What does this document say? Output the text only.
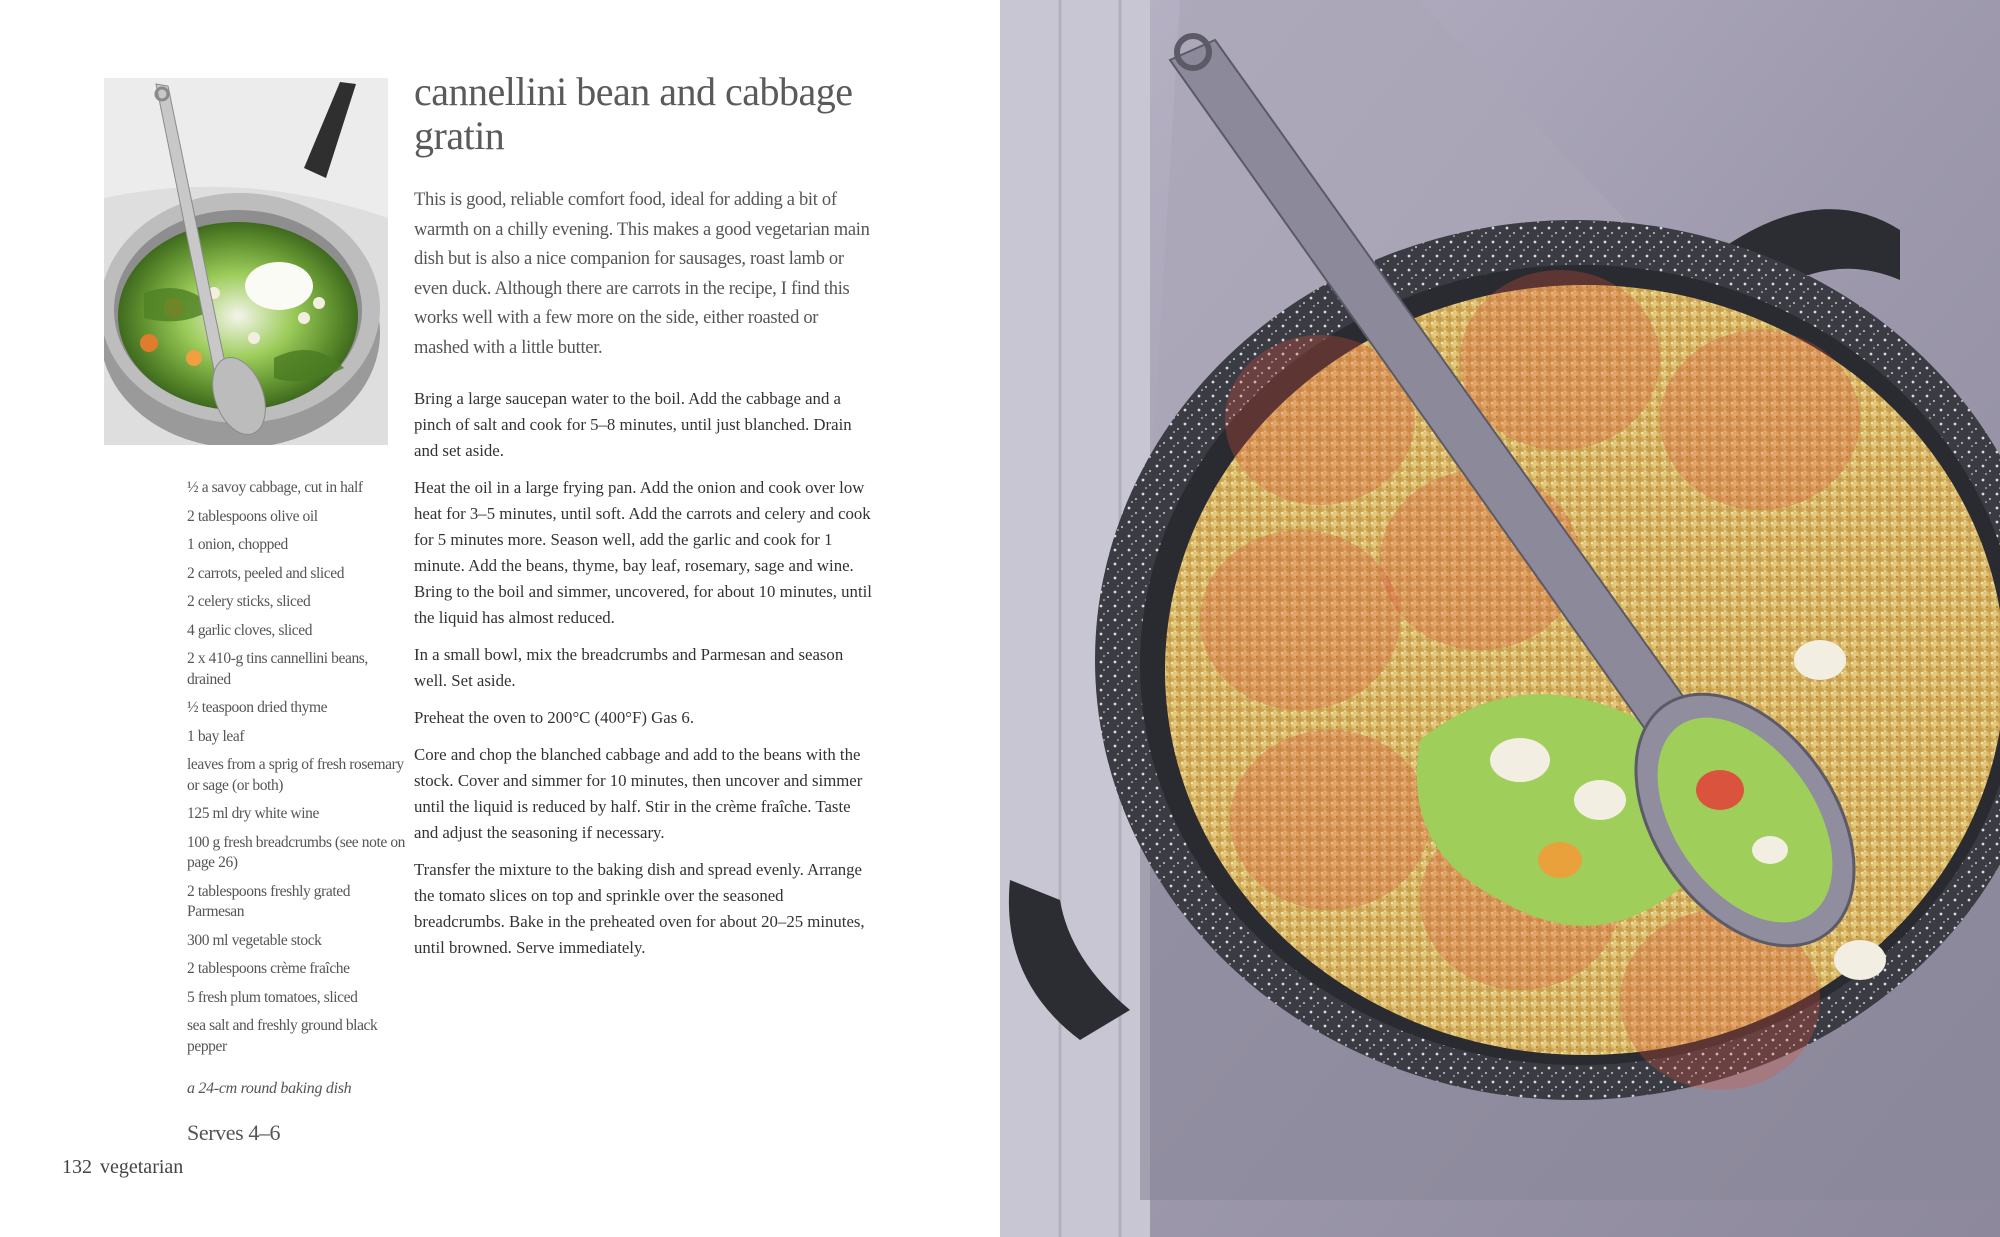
cannellini bean and cabbage gratin

This is good, reliable comfort food, ideal for adding a bit of warmth on a chilly evening. This makes a good vegetarian main dish but is also a nice companion for sausages, roast lamb or even duck. Although there are carrots in the recipe, I find this works well with a few more on the side, either roasted or mashed with a little butter.

Bring a large saucepan water to the boil. Add the cabbage and a pinch of salt and cook for 5–8 minutes, until just blanched. Drain and set aside.

Heat the oil in a large frying pan. Add the onion and cook over low heat for 3–5 minutes, until soft. Add the carrots and celery and cook for 5 minutes more. Season well, add the garlic and cook for 1 minute. Add the beans, thyme, bay leaf, rosemary, sage and wine. Bring to the boil and simmer, uncovered, for about 10 minutes, until the liquid has almost reduced.

In a small bowl, mix the breadcrumbs and Parmesan and season well. Set aside.

Preheat the oven to 200°C (400°F) Gas 6.

Core and chop the blanched cabbage and add to the beans with the stock. Cover and simmer for 10 minutes, then uncover and simmer until the liquid is reduced by half. Stir in the crème fraîche. Taste and adjust the seasoning if necessary.

Transfer the mixture to the baking dish and spread evenly. Arrange the tomato slices on top and sprinkle over the seasoned breadcrumbs. Bake in the preheated oven for about 20–25 minutes, until browned. Serve immediately.

½ a savoy cabbage, cut in half
2 tablespoons olive oil
1 onion, chopped
2 carrots, peeled and sliced
2 celery sticks, sliced
4 garlic cloves, sliced
2 x 410-g tins cannellini beans, drained
½ teaspoon dried thyme
1 bay leaf
leaves from a sprig of fresh rosemary or sage (or both)
125 ml dry white wine
100 g fresh breadcrumbs (see note on page 26)
2 tablespoons freshly grated Parmesan
300 ml vegetable stock
2 tablespoons crème fraîche
5 fresh plum tomatoes, sliced
sea salt and freshly ground black pepper
a 24-cm round baking dish
Serves 4–6
132 vegetarian
